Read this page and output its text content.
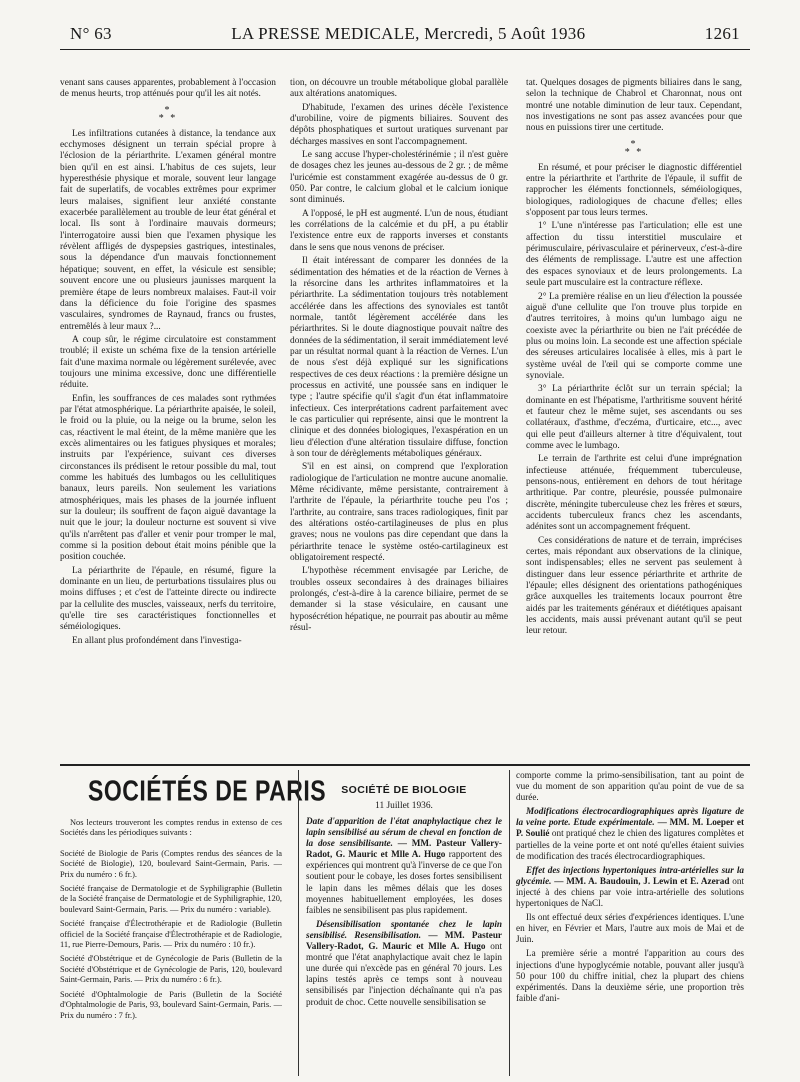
N° 63	LA PRESSE MEDICALE, Mercredi, 5 Août 1936	1261

venant sans causes apparentes, probablement à l'occasion de menus heurts, trop atténués pour qu'il les ait notés.

*
* *

Les infiltrations cutanées à distance, la tendance aux ecchymoses désignent un terrain spécial propre à l'éclosion de la périarthrite. L'examen général montre bien qu'il en est ainsi. L'habitus de ces sujets, leur hyperesthésie physique et morale, souvent leur langage fait de superlatifs, de vocables extrêmes pour exprimer leurs malaises, signifient leur anxiété constante exacerbée parallèlement au trouble de leur état général et local. Ils sont à l'ordinaire mauvais dormeurs; l'interrogatoire aussi bien que l'examen physique les révèlent affligés de dyspepsies gastriques, intestinales, sous la dépendance d'un mauvais fonctionnement hépatique; souvent, en effet, la vésicule est sensible; souvent encore une ou plusieurs jaunisses marquent la première étape de leurs nombreux malaises. Faut-il voir dans la déficience du foie l'origine des spasmes vasculaires, syndromes de Raynaud, francs ou frustes, entremêlés à leur maux ?...

A coup sûr, le régime circulatoire est constamment troublé; il existe un schéma fixe de la tension artérielle fait d'une maxima normale ou légèrement surélevée, avec toujours une minima excessive, donc une différentielle réduite.

Enfin, les souffrances de ces malades sont rythmées par l'état atmosphérique. La périarthrite apaisée, le soleil, le froid ou la pluie, ou la neige ou la brume, selon les cas, réactivent le mal éteint, de la même manière que les excès alimentaires ou les fatigues physiques et morales; instruits par l'expérience, suivant ces diverses circonstances ils prédisent le retour possible du mal, tout comme les habitués des lumbagos ou les cellulitiques banaux, leurs pareils. Non seulement les variations atmosphériques, mais les phases de la journée influent sur la douleur; ils souffrent de façon aiguë davantage la nuit que le jour; la douleur nocturne est souvent si vive qu'ils n'arrêtent pas d'aller et venir pour tromper le mal, comme si la position debout était moins pénible que la position couchée.

La périarthrite de l'épaule, en résumé, figure la dominante en un lieu, de perturbations tissulaires plus ou moins diffuses ; et c'est de l'atteinte directe ou indirecte par la cellulite des muscles, vaisseaux, nerfs du territoire, qu'elle tire ses caractéristiques fonctionnelles et séméiologiques.

En allant plus profondément dans l'investiga-

tion, on découvre un trouble métabolique global parallèle aux altérations anatomiques.

D'habitude, l'examen des urines décèle l'existence d'urobiline, voire de pigments biliaires. Souvent des dépôts phosphatiques et surtout uratiques survenant par décharges massives en sont l'accompagnement.

Le sang accuse l'hyper-cholestérinémie ; il n'est guère de dosages chez les jeunes au-dessous de 2 gr. ; de même l'uricémie est constamment exagérée au-dessus de 0 gr. 050. Par contre, le calcium global et le calcium ionique sont diminués.

A l'opposé, le pH est augmenté. L'un de nous, étudiant les corrélations de la calcémie et du pH, a pu établir l'existence entre eux de rapports inverses et constants dans le sens que nous venons de préciser.

Il était intéressant de comparer les données de la sédimentation des hématies et de la réaction de Vernes à la résorcine dans les arthrites inflammatoires et la périarthrite. La sédimentation toujours très notablement accélérée dans les affections des synoviales est tantôt normale, tantôt légèrement accélérée dans les périarthrites. Si le doute diagnostique pouvait naître des données de la sédimentation, il serait immédiatement levé par un résultat normal quant à la réaction de Vernes. L'un de nous s'est déjà expliqué sur les significations respectives de ces deux réactions : la première désigne un processus en activité, une poussée sans en indiquer le type ; l'autre spécifie qu'il s'agit d'un état inflammatoire infectieux. Ces interprétations cadrent parfaitement avec le cas particulier qui représente, ainsi que le montrent la clinique et des données biologiques, l'exaspération en un lieu d'élection d'une altération tissulaire diffuse, fonction à son tour de dérèglements métaboliques généraux.

S'il en est ainsi, on comprend que l'exploration radiologique de l'articulation ne montre aucune anomalie. Même récidivante, même persistante, contrairement à l'arthrite de l'épaule, la périarthrite touche peu l'os ; l'arthrite, au contraire, sans traces radiologiques, finit par des altérations ostéo-cartilagineuses de plus en plus graves; nous ne voulons pas dire cependant que dans la périarthrite tenace le système ostéo-cartilagineux est obligatoirement respecté.

L'hypothèse récemment envisagée par Leriche, de troubles osseux secondaires à des drainages biliaires prolongés, c'est-à-dire à la carence biliaire, permet de se demander si la stase vésiculaire, en causant une hyposécrétion hépatique, ne pourrait pas aboutir au même résul-

tat. Quelques dosages de pigments biliaires dans le sang, selon la technique de Chabrol et Charonnat, nous ont montré une notable diminution de leur taux. Cependant, nos investigations ne sont pas assez avancées pour que nous en puissions tirer une certitude.

*
* *

En résumé, et pour préciser le diagnostic différentiel entre la périarthrite et l'arthrite de l'épaule, il suffit de rapprocher les éléments fonctionnels, séméiologiques, biologiques, radiologiques de chacune d'elles; elles s'opposent par tous leurs termes.

1° L'une n'intéresse pas l'articulation; elle est une affection du tissu interstitiel musculaire et périmusculaire, périvasculaire et périnerveux, c'est-à-dire des éléments de remplissage. L'autre est une affection des espaces synoviaux et de leurs prolongements. La seule part musculaire est la contracture réflexe.

2° La première réalise en un lieu d'élection la poussée aiguë d'une cellulite que l'on trouve plus torpide en d'autres territoires, à moins qu'un lumbago aigu ne coexiste avec la périarthrite ou bien ne l'ait précédée de plus ou moins loin. La seconde est une affection spéciale des séreuses articulaires localisée à elles, mis à part le système uvéal de l'œil qui se comporte comme une synoviale.

3° La périarthrite éclôt sur un terrain spécial; la dominante en est l'hépatisme, l'arthritisme souvent hérité et fauteur chez le même sujet, ses ascendants ou ses collatéraux, d'asthme, d'eczéma, d'urticaire, etc..., avec qui elle peut d'ailleurs alterner à titre d'équivalent, tout comme avec le lumbago.

Le terrain de l'arthrite est celui d'une imprégnation infectieuse atténuée, fréquemment tuberculeuse, pensons-nous, entièrement en dehors de tout héritage arthritique. Par contre, pleurésie, poussée pulmonaire discrète, méningite tuberculeuse chez les frères et sœurs, accidents tuberculeux francs chez les ascendants, adénites sont un accompagnement fréquent.

Ces considérations de nature et de terrain, imprécises certes, mais répondant aux observations de la clinique, sont indispensables; elles ne servent pas seulement à distinguer dans leur essence périarthrite et arthrite de l'épaule; elles désignent des orientations pathogéniques grâce auxquelles les traitements locaux pourront être aidés par les traitements généraux et diététiques apaisant les accidents, mais aussi prévenant autant qu'il se peut leur retour.

SOCIÉTÉS DE PARIS

Nos lecteurs trouveront les comptes rendus in extenso de ces Sociétés dans les périodiques suivants :

Société de Biologie de Paris (Comptes rendus des séances de la Société de Biologie), 120, boulevard Saint-Germain, Paris. — Prix du numéro : 6 fr.).

Société française de Dermatologie et de Syphiligraphie (Bulletin de la Société française de Dermatologie et de Syphiligraphie, 120, boulevard Saint-Germain, Paris. — Prix du numéro : variable).

Société française d'Électrothérapie et de Radiologie (Bulletin officiel de la Société française d'Électrothérapie et de Radiologie, 11, rue Pierre-Demours, Paris. — Prix du numéro : 10 fr.).

Société d'Obstétrique et de Gynécologie de Paris (Bulletin de la Société d'Obstétrique et de Gynécologie de Paris, 120, boulevard Saint-Germain, Paris. — Prix du numéro : 6 fr.).

Société d'Ophtalmologie de Paris (Bulletin de la Société d'Ophtalmologie de Paris, 93, boulevard Saint-Germain, Paris. — Prix du numéro : 7 fr.).

SOCIÉTÉ DE BIOLOGIE
11 Juillet 1936.

Date d'apparition de l'état anaphylactique chez le lapin sensibilisé au sérum de cheval en fonction de la dose sensibilisante. — MM. Pasteur Vallery-Radot, G. Mauric et Mlle A. Hugo rapportent des expériences qui montrent qu'à l'inverse de ce que l'on soutient pour le cobaye, les doses fortes sensibilisent le lapin dans les mêmes délais que les doses moyennes habituellement employées, les doses faibles ne sensibilisent pas plus rapidement.

Désensibilisation spontanée chez le lapin sensibilisé. Resensibilisation. — MM. Pasteur Vallery-Radot, G. Mauric et Mlle A. Hugo ont montré que l'état anaphylactique avait chez le lapin une durée qui n'excède pas en général 70 jours. Les lapins testés après ce temps sont à nouveau sensibilisés par l'injection déchaînante qui n'a pas produit de choc. Cette nouvelle sensibilisation se

comporte comme la primo-sensibilisation, tant au point de vue du moment de son apparition qu'au point de vue de sa durée.

Modifications électrocardiographiques après ligature de la veine porte. Etude expérimentale. — MM. M. Loeper et P. Soulié ont pratiqué chez le chien des ligatures complètes et partielles de la veine porte et ont noté qu'elles étaient suivies de modification des tracés électrocardiographiques.

Effet des injections hypertoniques intra-artérielles sur la glycémie. — MM. A. Baudouin, J. Lewin et E. Azerad ont injecté à des chiens par voie intra-artérielle des solutions hypertoniques de NaCl.

Ils ont effectué deux séries d'expériences identiques. L'une en hiver, en Février et Mars, l'autre aux mois de Mai et de Juin.

La première série a montré l'apparition au cours des injections d'une hypoglycémie notable, pouvant aller jusqu'à 50 pour 100 du chiffre initial, chez la plupart des chiens expérimentés. Dans la deuxième série, une proportion très faible d'ani-
